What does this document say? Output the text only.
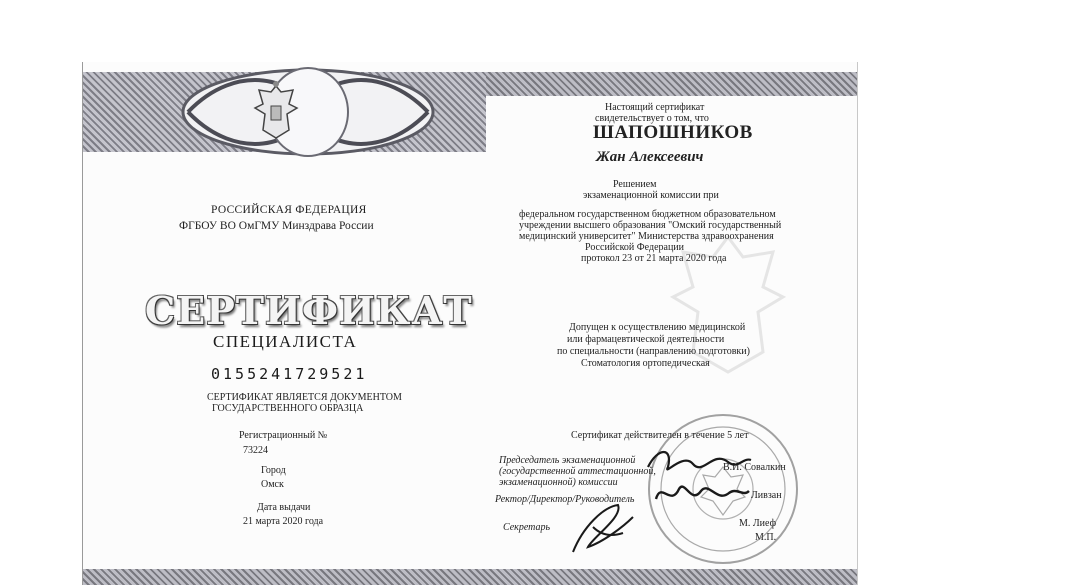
РОССИЙСКАЯ ФЕДЕРАЦИЯ
ФГБОУ ВО ОмГМУ Минздрава России
СЕРТИФИКАТ
СПЕЦИАЛИСТА
0155241729521
СЕРТИФИКАТ ЯВЛЯЕТСЯ ДОКУМЕНТОМ
ГОСУДАРСТВЕННОГО ОБРАЗЦА
Регистрационный №
73224
Город
Омск
Дата выдачи
21 марта 2020 года
Настоящий сертификат
свидетельствует о том, что
ШАПОШНИКОВ
Жан Алексеевич
Решением
экзаменационной комиссии при
федеральном государственном бюджетном образовательном
учреждении высшего образования "Омский государственный
медицинский университет" Министерства здравоохранения
Российской Федерации
протокол 23 от 21 марта 2020 года
Допущен к осуществлению медицинской
или фармацевтической деятельности
по специальности (направлению подготовки)
Стоматология ортопедическая
Сертификат действителен в течение 5 лет
Председатель экзаменационной
(государственной аттестационной,
экзаменационной) комиссии
В.И. Совалкин
Ректор/Директор/Руководитель	Ливзан
Секретарь	М. Лиеф
М.П.
